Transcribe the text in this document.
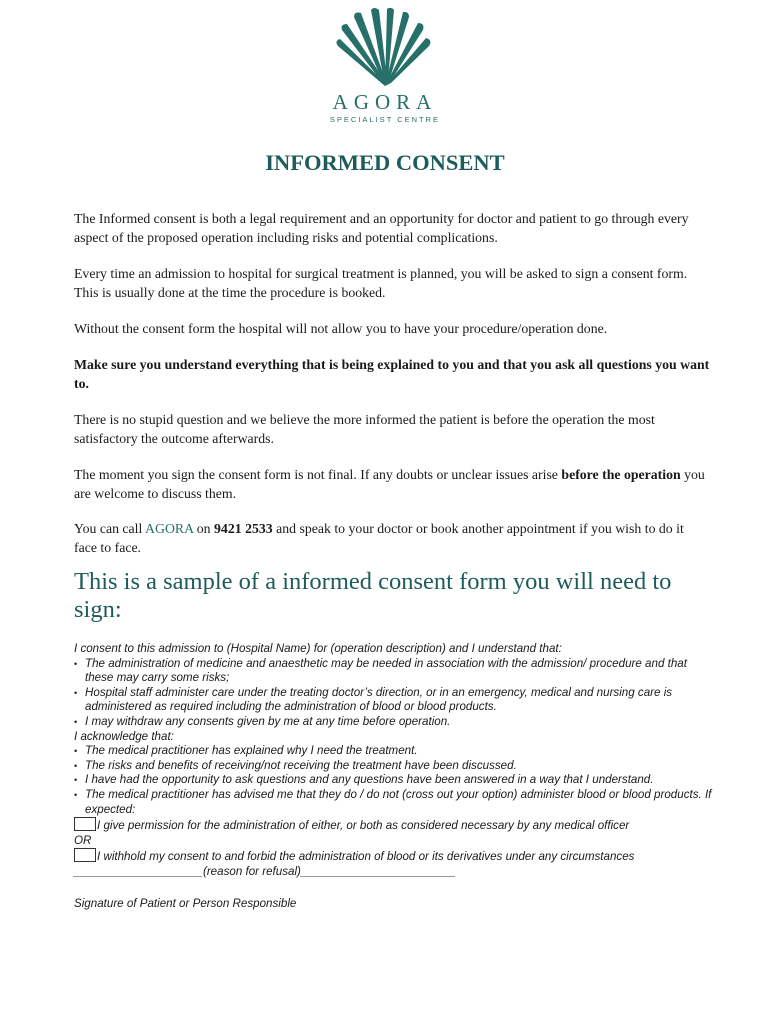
AGORA
SPECIALIST CENTRE
INFORMED CONSENT
The Informed consent is both a legal requirement and an opportunity for doctor and patient to go through every aspect of the proposed operation including risks and potential complications.
Every time an admission to hospital for surgical treatment is planned, you will be asked to sign a consent form. This is usually done at the time the procedure is booked.
Without the consent form the hospital will not allow you to have your procedure/operation done.
Make sure you understand everything that is being explained to you and that you ask all questions you want to.
There is no stupid question and we believe the more informed the patient is before the operation the most satisfactory the outcome afterwards.
The moment you sign the consent form is not final. If any doubts or unclear issues arise before the operation you are welcome to discuss them.
You can call AGORA on 9421 2533 and speak to your doctor or book another appointment if you wish to do it face to face.
This is a sample of a informed consent form you will need to sign:
I consent to this admission to (Hospital Name) for (operation description) and I understand that:
• The administration of medicine and anaesthetic may be needed in association with the admission/ procedure and that these may carry some risks;
• Hospital staff administer care under the treating doctor’s direction, or in an emergency, medical and nursing care is administered as required including the administration of blood or blood products.
• I may withdraw any consents given by me at any time before operation.
I acknowledge that:
• The medical practitioner has explained why I need the treatment.
• The risks and benefits of receiving/not receiving the treatment have been discussed.
• I have had the opportunity to ask questions and any questions have been answered in a way that I understand.
• The medical practitioner has advised me that they do / do not (cross out your option) administer blood or blood products. If expected:
I give permission for the administration of either, or both as considered necessary by any medical officer
OR
I withhold my consent to and forbid the administration of blood or its derivatives under any circumstances
____________________(reason for refusal)________________________
Signature of Patient or Person Responsible
